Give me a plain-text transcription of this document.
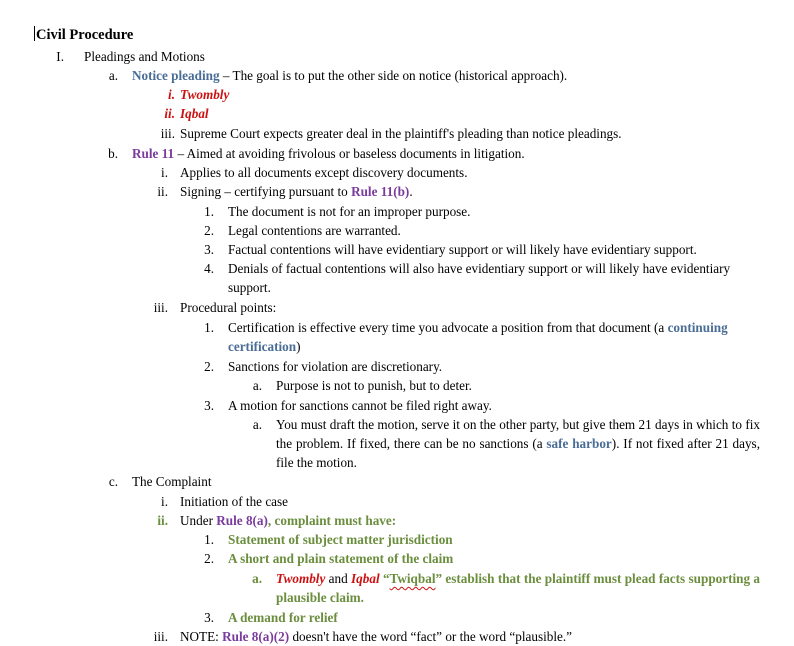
Civil Procedure
I. Pleadings and Motions
a. Notice pleading – The goal is to put the other side on notice (historical approach).
i. Twombly
ii. Iqbal
iii. Supreme Court expects greater deal in the plaintiff's pleading than notice pleadings.
b. Rule 11 – Aimed at avoiding frivolous or baseless documents in litigation.
i. Applies to all documents except discovery documents.
ii. Signing – certifying pursuant to Rule 11(b).
1. The document is not for an improper purpose.
2. Legal contentions are warranted.
3. Factual contentions will have evidentiary support or will likely have evidentiary support.
4. Denials of factual contentions will also have evidentiary support or will likely have evidentiary support.
iii. Procedural points:
1. Certification is effective every time you advocate a position from that document (a continuing certification)
2. Sanctions for violation are discretionary.
a. Purpose is not to punish, but to deter.
3. A motion for sanctions cannot be filed right away.
a. You must draft the motion, serve it on the other party, but give them 21 days in which to fix the problem. If fixed, there can be no sanctions (a safe harbor). If not fixed after 21 days, file the motion.
c. The Complaint
i. Initiation of the case
ii. Under Rule 8(a), complaint must have:
1. Statement of subject matter jurisdiction
2. A short and plain statement of the claim
a. Twombly and Iqbal “Twiqbal” establish that the plaintiff must plead facts supporting a plausible claim.
3. A demand for relief
iii. NOTE: Rule 8(a)(2) doesn't have the word “fact” or the word “plausible.”
